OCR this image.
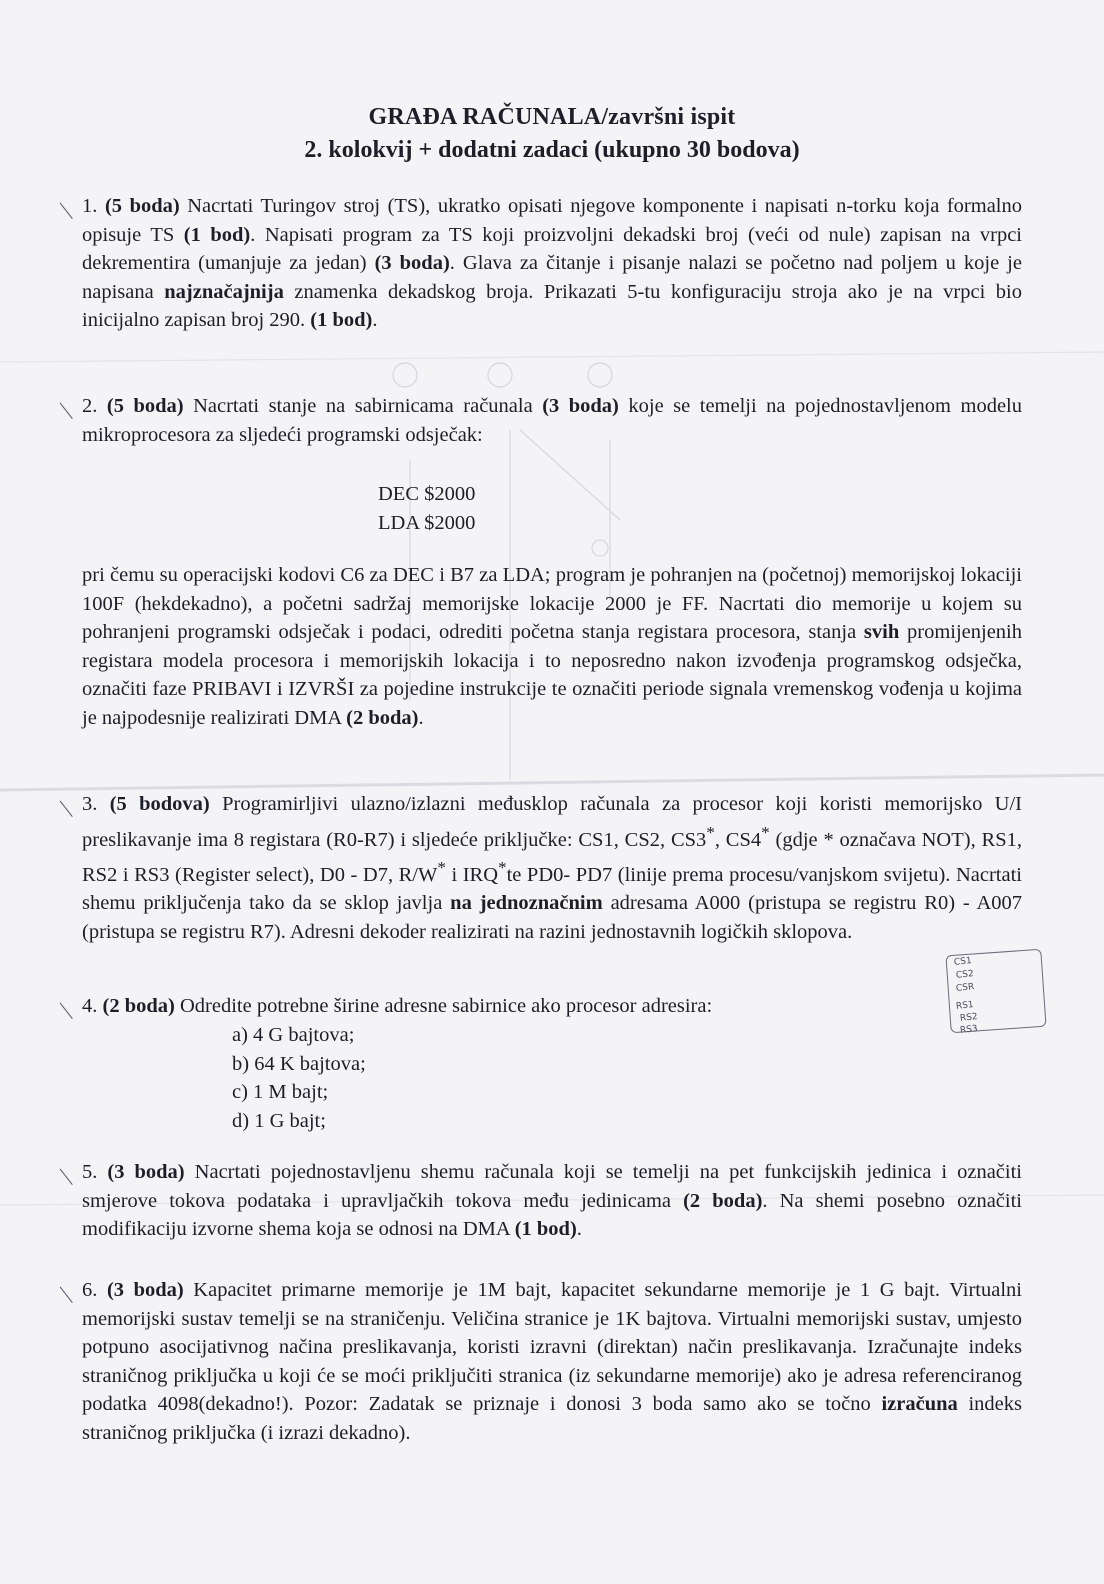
GRAĐA RAČUNALA/završni ispit
2. kolokvij + dodatni zadaci (ukupno 30 bodova)

1. (5 boda) Nacrtati Turingov stroj (TS), ukratko opisati njegove komponente i napisati n-torku koja formalno opisuje TS (1 bod). Napisati program za TS koji proizvoljni dekadski broj (veći od nule) zapisan na vrpci dekrementira (umanjuje za jedan) (3 boda). Glava za čitanje i pisanje nalazi se početno nad poljem u koje je napisana najznačajnija znamenka dekadskog broja. Prikazati 5-tu konfiguraciju stroja ako je na vrpci bio inicijalno zapisan broj 290. (1 bod).

2. (5 boda) Nacrtati stanje na sabirnicama računala (3 boda) koje se temelji na pojednostavljenom modelu mikroprocesora za sljedeći programski odsječak:

DEC $2000
LDA $2000

pri čemu su operacijski kodovi C6 za DEC i B7 za LDA; program je pohranjen na (početnoj) memorijskoj lokaciji 100F (hekdekadno), a početni sadržaj memorijske lokacije 2000 je FF. Nacrtati dio memorije u kojem su pohranjeni programski odsječak i podaci, odrediti početna stanja registara procesora, stanja svih promijenjenih registara modela procesora i memorijskih lokacija i to neposredno nakon izvođenja programskog odsječka, označiti faze PRIBAVI i IZVRŠI za pojedine instrukcije te označiti periode signala vremenskog vođenja u kojima je najpodesnije realizirati DMA (2 boda).

3. (5 bodova) Programirljivi ulazno/izlazni međusklop računala za procesor koji koristi memorijsko U/I preslikavanje ima 8 registara (R0-R7) i sljedeće priključke: CS1, CS2, CS3*, CS4* (gdje * označava NOT), RS1, RS2 i RS3 (Register select), D0 - D7, R/W* i IRQ*te PD0- PD7 (linije prema procesu/vanjskom svijetu). Nacrtati shemu priključenja tako da se sklop javlja na jednoznačnim adresama A000 (pristupa se registru R0) - A007 (pristupa se registru R7). Adresni dekoder realizirati na razini jednostavnih logičkih sklopova.

4. (2 boda) Odredite potrebne širine adresne sabirnice ako procesor adresira:

a) 4 G bajtova;
b) 64 K bajtova;
c) 1 M bajt;
d) 1 G bajt;

5. (3 boda) Nacrtati pojednostavljenu shemu računala koji se temelji na pet funkcijskih jedinica i označiti smjerove tokova podataka i upravljačkih tokova među jedinicama (2 boda). Na shemi posebno označiti modifikaciju izvorne shema koja se odnosi na DMA (1 bod).

6. (3 boda) Kapacitet primarne memorije je 1M bajt, kapacitet sekundarne memorije je 1 G bajt. Virtualni memorijski sustav temelji se na straničenju. Veličina stranice je 1K bajtova. Virtualni memorijski sustav, umjesto potpuno asocijativnog načina preslikavanja, koristi izravni (direktan) način preslikavanja. Izračunajte indeks straničnog priključka u koji će se moći priključiti stranica (iz sekundarne memorije) ako je adresa referenciranog podatka 4098(dekadno!). Pozor: Zadatak se priznaje i donosi 3 boda samo ako se točno izračuna indeks straničnog priključka (i izrazi dekadno).

CS1
CS2
CSR
RS1
RS2
RS3
